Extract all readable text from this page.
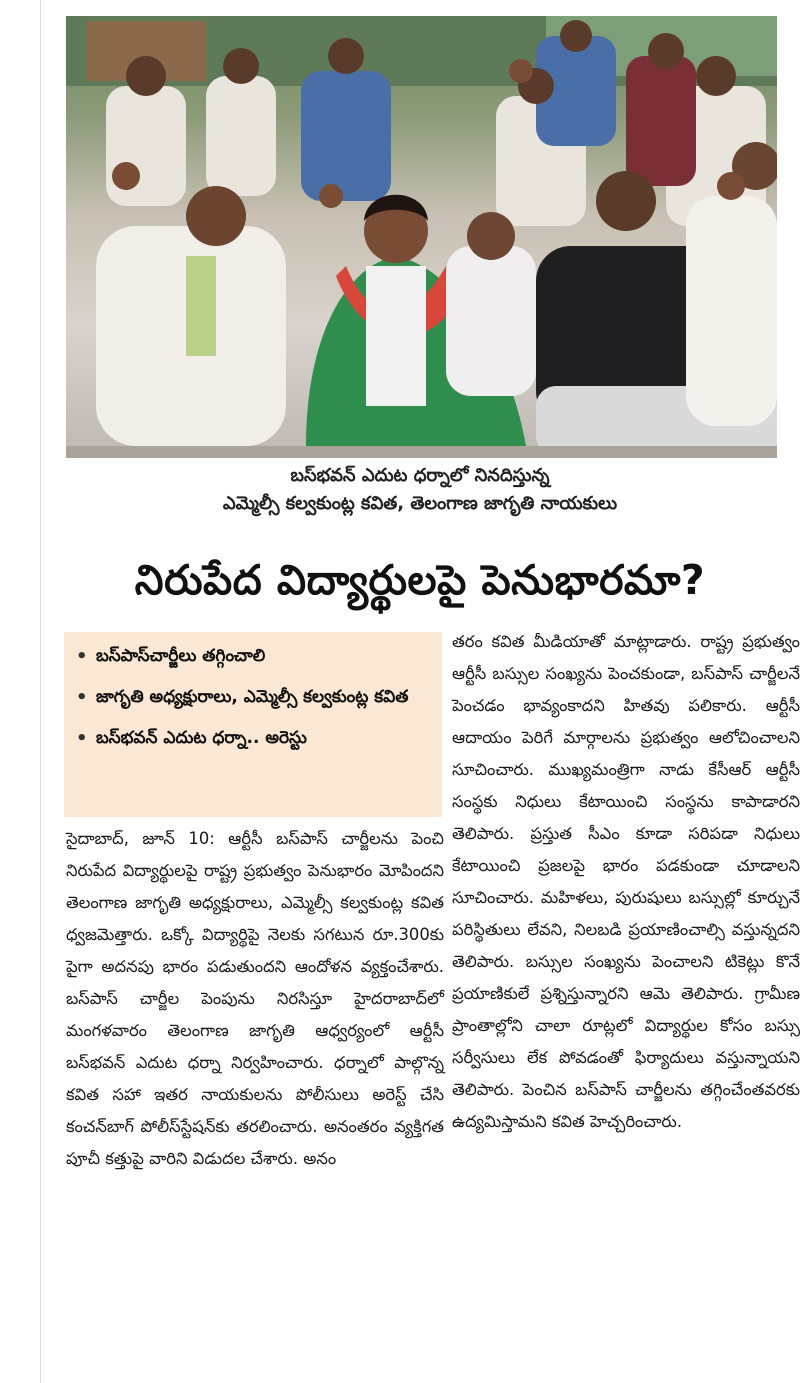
బస్‌భవన్ ఎదుట ధర్నాలో నినదిస్తున్న
ఎమ్మెల్సీ కల్వకుంట్ల కవిత, తెలంగాణ జాగృతి నాయకులు
నిరుపేద విద్యార్థులపై పెనుభారమా?
• బస్‌పాస్‌చార్జీలు తగ్గించాలి
• జాగృతి అధ్యక్షురాలు, ఎమ్మెల్సీ కల్వకుంట్ల కవిత
• బస్‌భవన్ ఎదుట ధర్నా.. అరెస్టు

సైదాబాద్, జూన్ 10: ఆర్టీసీ బస్‌పాస్ చార్జీలను పెంచి నిరుపేద విద్యార్థులపై రాష్ట్ర ప్రభుత్వం పెనుభారం మోపిందని తెలంగాణ జాగృతి అధ్యక్షురాలు, ఎమ్మెల్సీ కల్వకుంట్ల కవిత ధ్వజమెత్తారు. ఒక్కో విద్యార్థిపై నెలకు సగటున రూ.300కు పైగా అదనపు భారం పడుతుందని ఆందోళన వ్యక్తంచేశారు. బస్‌పాస్ చార్జీల పెంపును నిరసిస్తూ హైదరాబాద్‌లో మంగళవారం తెలంగాణ జాగృతి ఆధ్వర్యంలో ఆర్టీసీ బస్‌భవన్ ఎదుట ధర్నా నిర్వహించారు. ధర్నాలో పాల్గొన్న కవిత సహా ఇతర నాయకులను పోలీసులు అరెస్ట్ చేసి కంచన్‌బాగ్ పోలీస్‌స్టేషన్‌కు తరలించారు. అనంతరం వ్యక్తిగత పూచీ కత్తుపై వారిని విడుదల చేశారు. అనం

తరం కవిత మీడియాతో మాట్లాడారు. రాష్ట్ర ప్రభుత్వం ఆర్టీసీ బస్సుల సంఖ్యను పెంచకుండా, బస్‌పాస్ చార్జీలనే పెంచడం భావ్యంకాదని హితవు పలికారు. ఆర్టీసీ ఆదాయం పెరిగే మార్గాలను ప్రభుత్వం ఆలోచించాలని సూచించారు. ముఖ్యమంత్రిగా నాడు కేసీఆర్ ఆర్టీసీ సంస్థకు నిధులు కేటాయించి సంస్థను కాపాడారని తెలిపారు. ప్రస్తుత సీఎం కూడా సరిపడా నిధులు కేటాయించి ప్రజలపై భారం పడకుండా చూడాలని సూచించారు. మహిళలు, పురుషులు బస్సుల్లో కూర్చునే పరిస్థితులు లేవని, నిలబడి ప్రయాణించాల్సి వస్తున్నదని తెలిపారు. బస్సుల సంఖ్యను పెంచాలని టికెట్లు కొనే ప్రయాణికులే ప్రశ్నిస్తున్నారని ఆమె తెలిపారు. గ్రామీణ ప్రాంతాల్లోని చాలా రూట్లలో విద్యార్థుల కోసం బస్సు సర్వీసులు లేక పోవడంతో ఫిర్యాదులు వస్తున్నాయని తెలిపారు. పెంచిన బస్‌పాస్ చార్జీలను తగ్గించేంతవరకు ఉద్యమిస్తామని కవిత హెచ్చరించారు.
